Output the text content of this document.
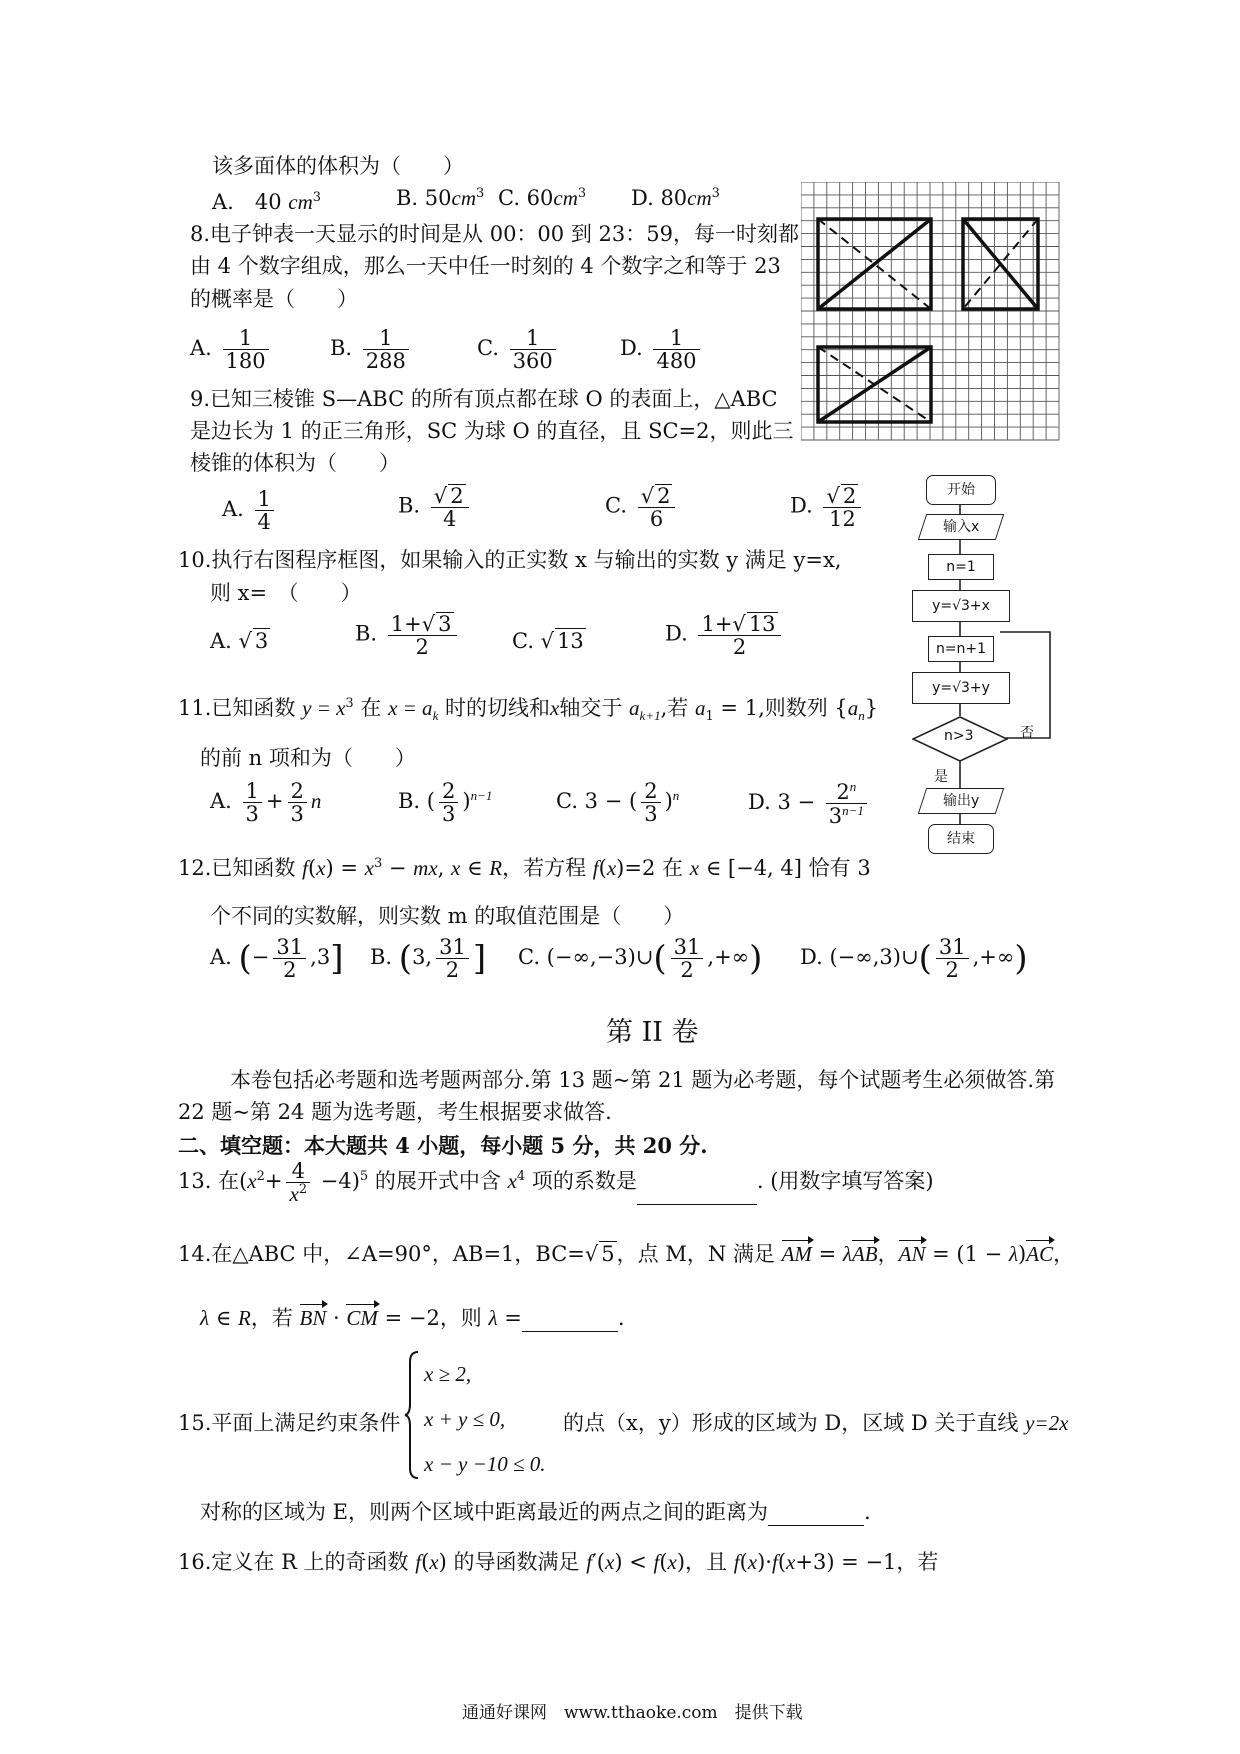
该多面体的体积为（　　）
A.　40 $cm^3$	B. $50cm^3$ C. $60cm^3$ D. $80cm^3$
8.电子钟表一天显示的时间是从 00：00 到 23：59，每一时刻都
由 4 个数字组成，那么一天中任一时刻的 4 个数字之和等于 23
的概率是（　　）
A. $\frac{1}{180}$	B. $\frac{1}{288}$	C. $\frac{1}{360}$	D. $\frac{1}{480}$
9.已知三棱锥 S—ABC 的所有顶点都在球 O 的表面上，△ABC
是边长为 1 的正三角形，SC 为球 O 的直径，且 SC=2，则此三
棱锥的体积为（　　）
A. $\frac{1}{4}$	B. $\frac{√ 2}{4}$	C. $\frac{√ 2}{6}$	D. $\frac{√ 2}{12}$
10.执行右图程序框图，如果输入的正实数 x 与输出的实数 y 满足 y=x,
则 x=　（　　）
A. √ 3	B. $\frac{1+√ 3}{2}$	C. √ 13	D. $\frac{1+√ 13}{2}$
开始
输入x
n=1
y=√3+x
n=n+1
y=√3+y
n>3	否
是
输出y
结束
11.已知函数 $y = x^3$ 在 $x = a_k$ 时的切线和x轴交于 $a_{k+1}$,若 $a_1 = 1$,则数列 $\{a_n\}$
的前 n 项和为（　　）
A. $\frac{1}{3} + \frac{2}{3}$ n	B. ( $\frac{2}{3} )^{n-1}$	C. 3 − ( $\frac{2}{3} )^n$	D. $3 - \frac{2^n}{3^{n-1}}$
12.已知函数 $f(x) = x^3$ − mx, x ∈ R，若方程 f(x)=2 在 x ∈ [−4, 4] 恰有 3
个不同的实数解，则实数 m 的取值范围是（　　）
A. (− $\frac{31}{2} ,3$] B. (3, $\frac{31}{2}$ ] C. (−∞,−3)∪( $\frac{31}{2}$ ,+∞) D. (−∞,3)∪( $\frac{31}{2}$ ,+∞)
第 II 卷
本卷包括必考题和选考题两部分.第 13 题~第 21 题为必考题，每个试题考生必须做答.第
22 题~第 24 题为选考题，考生根据要求做答.
二、填空题：本大题共 4 小题，每小题 5 分，共 20 分.
13. 在$(x^2+ \frac{4}{x^2} -4)^5$ 的展开式中含 $x^4$ 项的系数是	. (用数字填写答案)
14.在△ABC 中，∠A=90°，AB=1，BC=√ 5，点 M，N 满足 AM = λAB，AN = (1 − λ)AC，
λ ∈ R，若 BN · CM = −2，则 λ =	.
15.平面上满足约束条件
x ≥ 2,
x + y ≤ 0,
x − y −10 ≤ 0.
的点（x，y）形成的区域为 D，区域 D 关于直线 y=2x
对称的区域为 E，则两个区域中距离最近的两点之间的距离为	.
16.定义在 R 上的奇函数 f(x) 的导函数满足 f′(x) < f(x)，且 f(x)·f(x+3) = −1，若
通通好课网　www.tthaoke.com　提供下载
